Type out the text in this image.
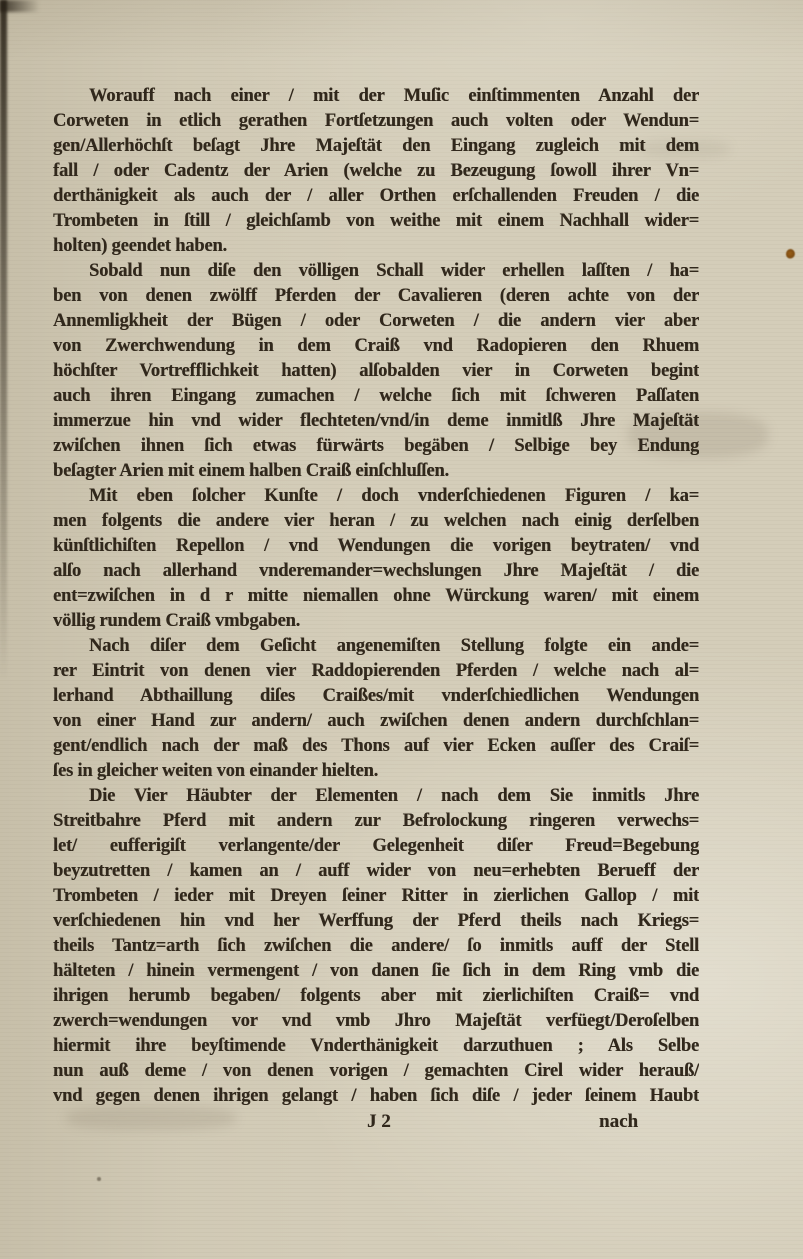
Worauff nach einer / mit der Muſic einſtimmenten Anzahl der
Corweten in etlich gerathen Fortſetzungen auch volten oder Wendun=
gen/Allerhöchſt beſagt Jhre Majeſtät den Eingang zugleich mit dem
fall / oder Cadentz der Arien (welche zu Bezeugung ſowoll ihrer Vn=
derthänigkeit als auch der / aller Orthen erſchallenden Freuden / die
Trombeten in ſtill / gleichſamb von weithe mit einem Nachhall wider=
holten) geendet haben.
Sobald nun diſe den völligen Schall wider erhellen laſſten / ha=
ben von denen zwölff Pferden der Cavalieren (deren achte von der
Annemligkheit der Bügen / oder Corweten / die andern vier aber
von Zwerchwendung in dem Craiß vnd Radopieren den Rhuem
höchſter Vortrefflichkeit hatten) alſobalden vier in Corweten begint
auch ihren Eingang zumachen / welche ſich mit ſchweren Paſſaten
immerzue hin vnd wider flechteten/vnd/in deme inmitlß Jhre Majeſtät
zwiſchen ihnen ſich etwas fürwärts begäben / Selbige bey Endung
beſagter Arien mit einem halben Craiß einſchluſſen.
Mit eben ſolcher Kunſte / doch vnderſchiedenen Figuren / ka=
men folgents die andere vier heran / zu welchen nach einig derſelben
künſtlichiſten Repellon / vnd Wendungen die vorigen beytraten/ vnd
alſo nach allerhand vnderemander=wechslungen Jhre Majeſtät / die
ent=zwiſchen in d r mitte niemallen ohne Würckung waren/ mit einem
völlig rundem Craiß vmbgaben.
Nach diſer dem Geſicht angenemiſten Stellung folgte ein ande=
rer Eintrit von denen vier Raddopierenden Pferden / welche nach al=
lerhand Abthaillung diſes Craißes/mit vnderſchiedlichen Wendungen
von einer Hand zur andern/ auch zwiſchen denen andern durchſchlan=
gent/endlich nach der maß des Thons auf vier Ecken auſſer des Craiſ=
ſes in gleicher weiten von einander hielten.
Die Vier Häubter der Elementen / nach dem Sie inmitls Jhre
Streitbahre Pferd mit andern zur Befrolockung ringeren verwechs=
let/ eufferigiſt verlangente/der Gelegenheit diſer Freud=Begebung
beyzutretten / kamen an / auff wider von neu=erhebten Berueff der
Trombeten / ieder mit Dreyen ſeiner Ritter in zierlichen Gallop / mit
verſchiedenen hin vnd her Werffung der Pferd theils nach Kriegs=
theils Tantz=arth ſich zwiſchen die andere/ ſo inmitls auff der Stell
hälteten / hinein vermengent / von danen ſie ſich in dem Ring vmb die
ihrigen herumb begaben/ folgents aber mit zierlichiſten Craiß= vnd
zwerch=wendungen vor vnd vmb Jhro Majeſtät verfüegt/Deroſelben
hiermit ihre beyſtimende Vnderthänigkeit darzuthuen ; Als Selbe
nun auß deme / von denen vorigen / gemachten Cirel wider herauß/
vnd gegen denen ihrigen gelangt / haben ſich diſe / jeder ſeinem Haubt
J 2	nach
